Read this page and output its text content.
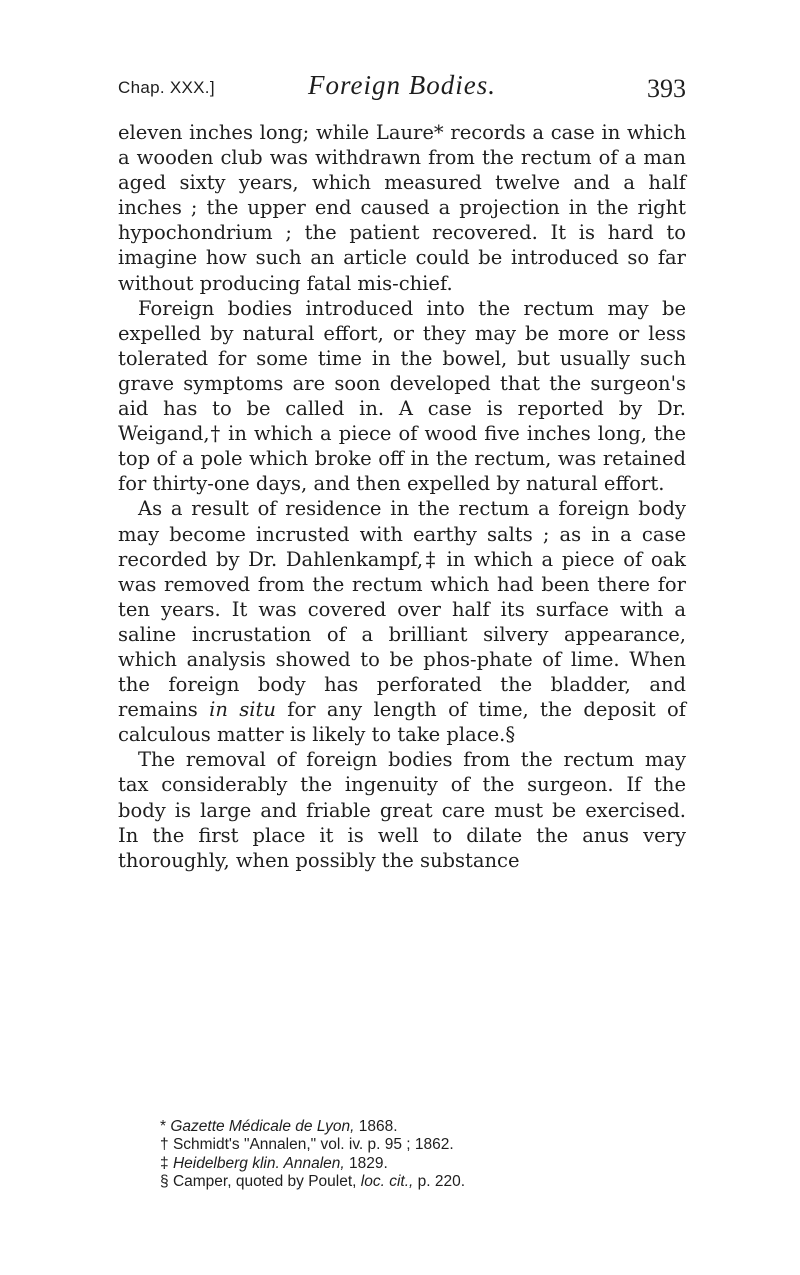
Chap. XXX.]	Foreign Bodies.	393

eleven inches long; while Laure* records a case in which a wooden club was withdrawn from the rectum of a man aged sixty years, which measured twelve and a half inches ; the upper end caused a projection in the right hypochondrium ; the patient recovered. It is hard to imagine how such an article could be introduced so far without producing fatal mis-chief.

Foreign bodies introduced into the rectum may be expelled by natural effort, or they may be more or less tolerated for some time in the bowel, but usually such grave symptoms are soon developed that the surgeon's aid has to be called in. A case is reported by Dr. Weigand,† in which a piece of wood five inches long, the top of a pole which broke off in the rectum, was retained for thirty-one days, and then expelled by natural effort.

As a result of residence in the rectum a foreign body may become incrusted with earthy salts ; as in a case recorded by Dr. Dahlenkampf,‡ in which a piece of oak was removed from the rectum which had been there for ten years. It was covered over half its surface with a saline incrustation of a brilliant silvery appearance, which analysis showed to be phos-phate of lime. When the foreign body has perforated the bladder, and remains in situ for any length of time, the deposit of calculous matter is likely to take place.§

The removal of foreign bodies from the rectum may tax considerably the ingenuity of the surgeon. If the body is large and friable great care must be exercised. In the first place it is well to dilate the anus very thoroughly, when possibly the substance

* Gazette Médicale de Lyon, 1868.
† Schmidt's "Annalen," vol. iv. p. 95 ; 1862.
‡ Heidelberg klin. Annalen, 1829.
§ Camper, quoted by Poulet, loc. cit., p. 220.
